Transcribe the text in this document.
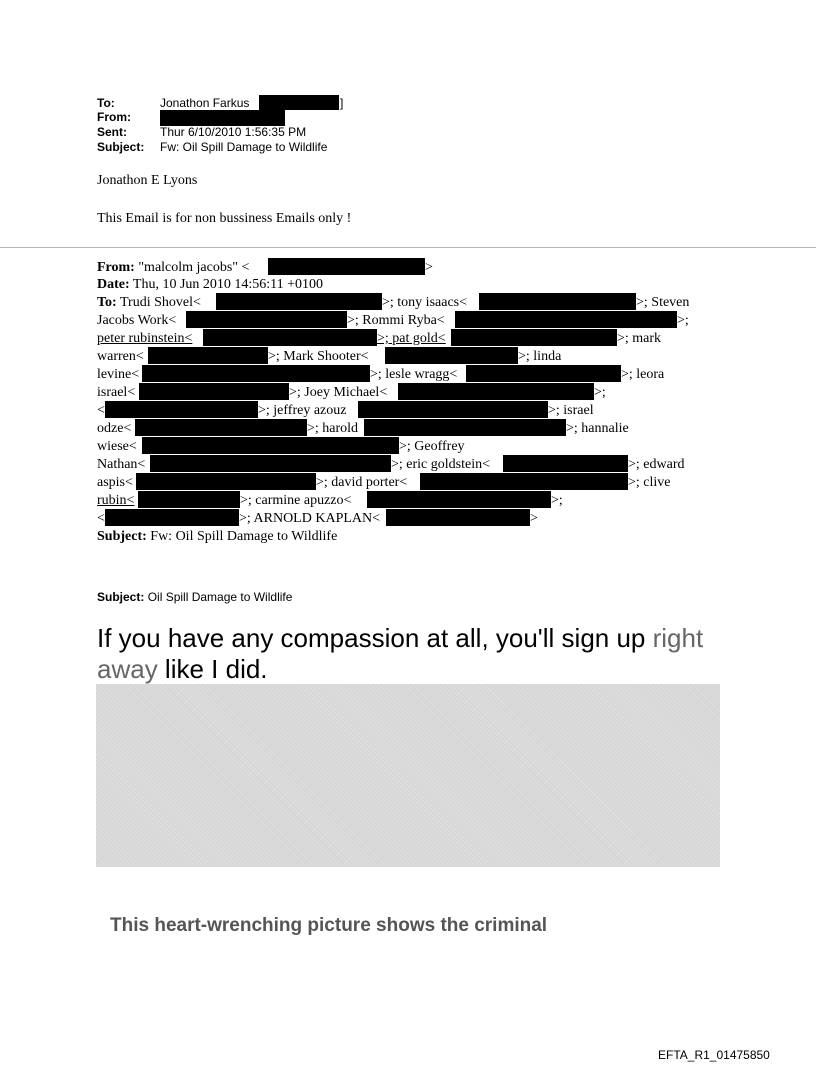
To:	Jonathon Farkus	]
From:
Sent:	Thur 6/10/2010 1:56:35 PM
Subject: Fw: Oil Spill Damage to Wildlife
Jonathon E Lyons
This Email is for non bussiness Emails only !
From: "malcolm jacobs" <	>
Date: Thu, 10 Jun 2010 14:56:11 +0100
To: Trudi Shovel<	>; tony isaacs<	>; Steven
Jacobs Work<	>; Rommi Ryba<	>;
peter rubinstein<	>; pat gold<	>; mark
warren<	>; Mark Shooter<	>; linda
levine<	>; lesle wragg<	>; leora
israel<	>; Joey Michael<	>;
<	>; jeffrey azouz	>; israel
odze<	>; harold	>; hannalie
wiese<	>; Geoffrey
Nathan<	>; eric goldstein<	>; edward
aspis<	>; david porter<	>; clive
rubin<	>; carmine apuzzo<	>;
<	>; ARNOLD KAPLAN<	>
Subject: Fw: Oil Spill Damage to Wildlife
Subject: Oil Spill Damage to Wildlife
If you have any compassion at all, you'll sign up right
away like I did.
This heart-wrenching picture shows the criminal
EFTA_R1_01475850
